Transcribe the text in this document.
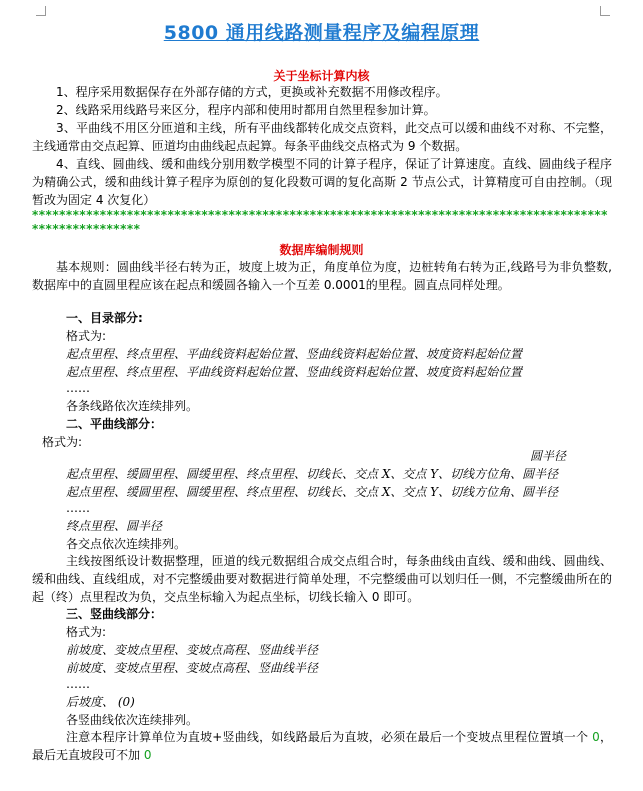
5800 通用线路测量程序及编程原理
关于坐标计算内核
1、程序采用数据保存在外部存储的方式，更换或补充数据不用修改程序。
2、线路采用线路号来区分，程序内部和使用时都用自然里程参加计算。
3、平曲线不用区分匝道和主线，所有平曲线都转化成交点资料，此交点可以缓和曲线不对称、不完整，主线通常由交点起算、匝道均由曲线起点起算。每条平曲线交点格式为 9 个数据。
4、直线、圆曲线、缓和曲线分别用数学模型不同的计算子程序，保证了计算速度。直线、圆曲线子程序为精确公式，缓和曲线计算子程序为原创的复化段数可调的复化高斯 2 节点公式，计算精度可自由控制。（现暂改为固定 4 次复化）
*****************************************************************************************************
数据库编制规则
基本规则：圆曲线半径右转为正，坡度上坡为正，角度单位为度，边桩转角右转为正,线路号为非负整数,数据库中的直圆里程应该在起点和缓圆各输入一个互差 0.0001的里程。圆直点同样处理。
一、目录部分:
格式为:
起点里程、终点里程、平曲线资料起始位置、竖曲线资料起始位置、坡度资料起始位置
起点里程、终点里程、平曲线资料起始位置、竖曲线资料起始位置、坡度资料起始位置
……
各条线路依次连续排列。
二、平曲线部分：
格式为:
圆半径
起点里程、缓圆里程、圆缓里程、终点里程、切线长、交点 X、交点 Y、切线方位角、圆半径
起点里程、缓圆里程、圆缓里程、终点里程、切线长、交点 X、交点 Y、切线方位角、圆半径
……
终点里程、圆半径
各交点依次连续排列。
主线按图纸设计数据整理，匝道的线元数据组合成交点组合时，每条曲线由直线、缓和曲线、圆曲线、缓和曲线、直线组成，对不完整缓曲要对数据进行简单处理，不完整缓曲可以划归任一侧，不完整缓曲所在的起（终）点里程改为负，交点坐标输入为起点坐标，切线长输入 0 即可。
三、竖曲线部分：
格式为:
前坡度、变坡点里程、变坡点高程、竖曲线半径
前坡度、变坡点里程、变坡点高程、竖曲线半径
……
后坡度、 (0)
各竖曲线依次连续排列。
注意本程序计算单位为直坡+竖曲线，如线路最后为直坡，必须在最后一个变坡点里程位置填一个 0，最后无直坡段可不加 0
